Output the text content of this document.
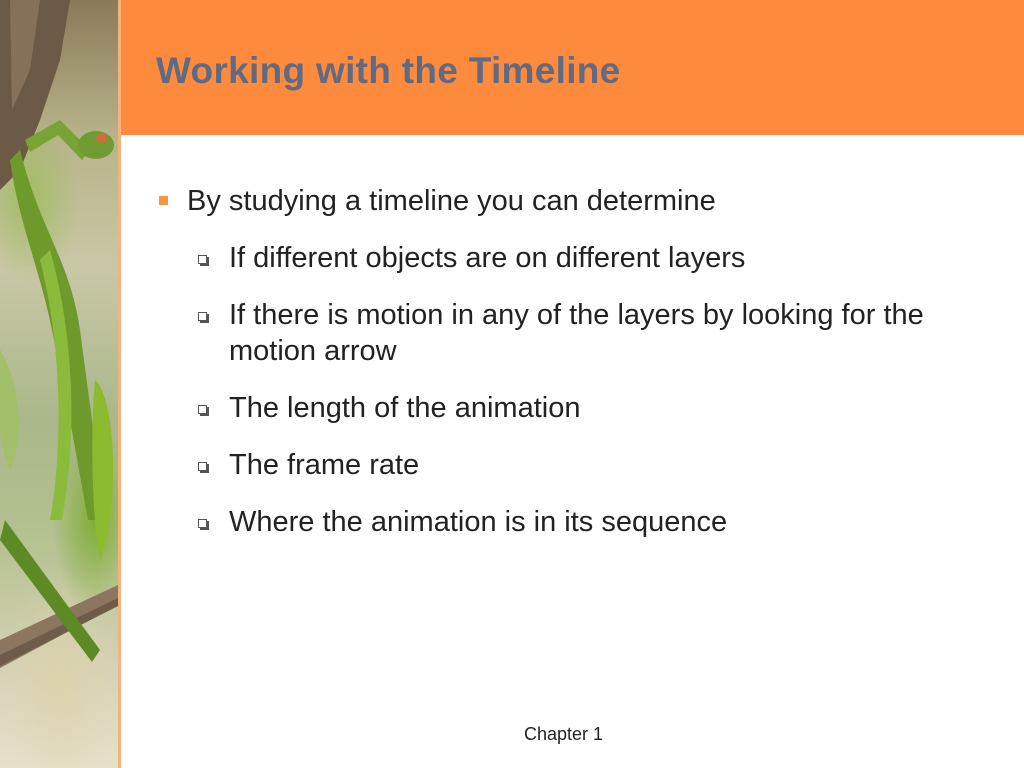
Working with the Timeline
By studying a timeline you can determine
If different objects are on different layers
If there is motion in any of the layers by looking for the motion arrow
The length of the animation
The frame rate
Where the animation is in its sequence
Chapter 1
